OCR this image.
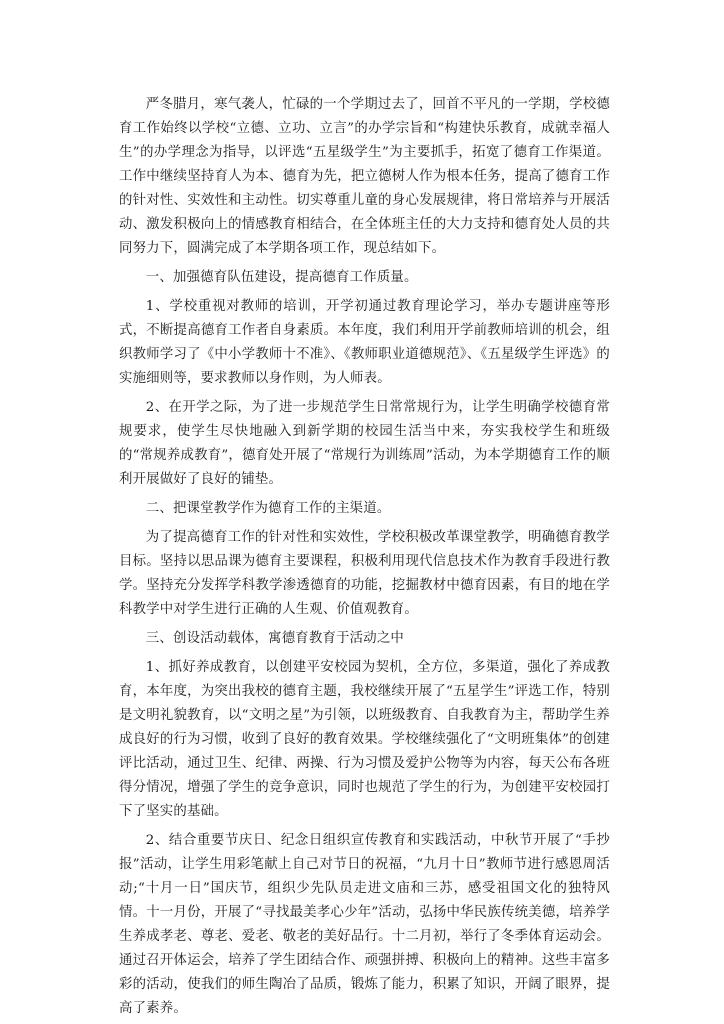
严冬腊月，寒气袭人，忙碌的一个学期过去了，回首不平凡的一学期，学校德育工作始终以学校“立德、立功、立言”的办学宗旨和“构建快乐教育，成就幸福人生”的办学理念为指导，以评选“五星级学生”为主要抓手，拓宽了德育工作渠道。工作中继续坚持育人为本、德育为先，把立德树人作为根本任务，提高了德育工作的针对性、实效性和主动性。切实尊重儿童的身心发展规律，将日常培养与开展活动、激发积极向上的情感教育相结合，在全体班主任的大力支持和德育处人员的共同努力下，圆满完成了本学期各项工作，现总结如下。

一、加强德育队伍建设，提高德育工作质量。

1、学校重视对教师的培训，开学初通过教育理论学习，举办专题讲座等形式，不断提高德育工作者自身素质。本年度，我们利用开学前教师培训的机会，组织教师学习了《中小学教师十不准》、《教师职业道德规范》、《五星级学生评选》的实施细则等，要求教师以身作则，为人师表。

2、在开学之际，为了进一步规范学生日常常规行为，让学生明确学校德育常规要求，使学生尽快地融入到新学期的校园生活当中来，夯实我校学生和班级的“常规养成教育”，德育处开展了“常规行为训练周”活动，为本学期德育工作的顺利开展做好了良好的铺垫。

二、把课堂教学作为德育工作的主渠道。

为了提高德育工作的针对性和实效性，学校积极改革课堂教学，明确德育教学目标。坚持以思品课为德育主要课程，积极利用现代信息技术作为教育手段进行教学。坚持充分发挥学科教学渗透德育的功能，挖掘教材中德育因素，有目的地在学科教学中对学生进行正确的人生观、价值观教育。

三、创设活动载体，寓德育教育于活动之中

1、抓好养成教育，以创建平安校园为契机，全方位，多渠道，强化了养成教育，本年度，为突出我校的德育主题，我校继续开展了“五星学生”评选工作，特别是文明礼貌教育，以“文明之星”为引领，以班级教育、自我教育为主，帮助学生养成良好的行为习惯，收到了良好的教育效果。学校继续强化了“文明班集体”的创建评比活动，通过卫生、纪律、两操、行为习惯及爱护公物等为内容，每天公布各班得分情况，增强了学生的竞争意识，同时也规范了学生的行为，为创建平安校园打下了坚实的基础。

2、结合重要节庆日、纪念日组织宣传教育和实践活动，中秋节开展了“手抄报”活动，让学生用彩笔献上自己对节日的祝福，“九月十日”教师节进行感恩周活动;“十月一日”国庆节，组织少先队员走进文庙和三苏，感受祖国文化的独特风情。十一月份，开展了“寻找最美孝心少年”活动，弘扬中华民族传统美德，培养学生养成孝老、尊老、爱老、敬老的美好品行。十二月初，举行了冬季体育运动会。通过召开体运会，培养了学生团结合作、顽强拼搏、积极向上的精神。这些丰富多彩的活动，使我们的师生陶冶了品质，锻炼了能力，积累了知识，开阔了眼界，提高了素养。
